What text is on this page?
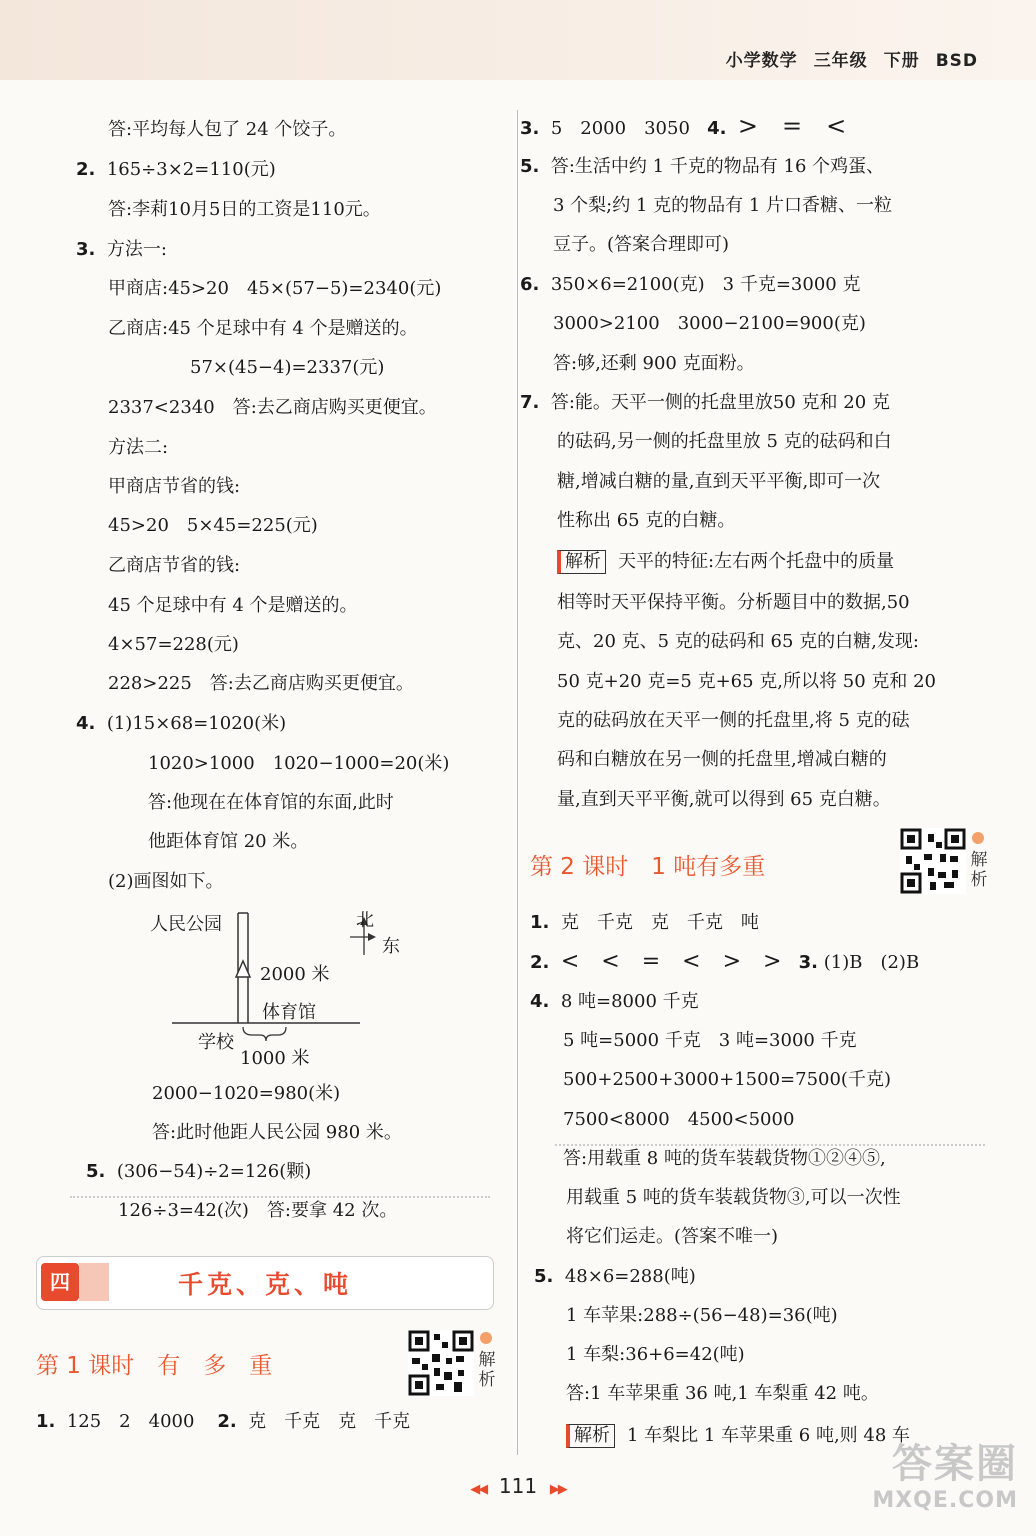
小学数学 三年级 下册 BSD
答:平均每人包了 24 个饺子。
2. 165÷3×2=110(元)
答:李莉10月5日的工资是110元。
3. 方法一:
甲商店:45>20　45×(57−5)=2340(元)
乙商店:45 个足球中有 4 个是赠送的。
57×(45−4)=2337(元)
2337<2340　答:去乙商店购买更便宜。
方法二:
甲商店节省的钱:
45>20　5×45=225(元)
乙商店节省的钱:
45 个足球中有 4 个是赠送的。
4×57=228(元)
228>225　答:去乙商店购买更便宜。
4. (1)15×68=1020(米)
1020>1000　1020−1000=20(米)
答:他现在在体育馆的东面,此时
他距体育馆 20 米。
(2)画图如下。
人民公园	北
东
2000 米
体育馆
学校
1000 米
2000−1020=980(米)
答:此时他距人民公园 980 米。
5. (306−54)÷2=126(颗)
126÷3=42(次)　答:要拿 42 次。
四	千克、克、吨
第 1 课时　有　多　重	解析
1. 125　2　4000 2. 克　千克　克　千克
3. 5　2000　3050 4. >　=　<
5. 答:生活中约 1 千克的物品有 16 个鸡蛋、
3 个梨;约 1 克的物品有 1 片口香糖、一粒
豆子。(答案合理即可)
6. 350×6=2100(克)　3 千克=3000 克
3000>2100　3000−2100=900(克)
答:够,还剩 900 克面粉。
7. 答:能。天平一侧的托盘里放50 克和 20 克
的砝码,另一侧的托盘里放 5 克的砝码和白
糖,增减白糖的量,直到天平平衡,即可一次
性称出 65 克的白糖。
解析 天平的特征:左右两个托盘中的质量
相等时天平保持平衡。分析题目中的数据,50
克、20 克、5 克的砝码和 65 克的白糖,发现:
50 克+20 克=5 克+65 克,所以将 50 克和 20
克的砝码放在天平一侧的托盘里,将 5 克的砝
码和白糖放在另一侧的托盘里,增减白糖的
量,直到天平平衡,就可以得到 65 克白糖。
第 2 课时　1 吨有多重	解析
1. 克　千克　克　千克　吨
2. <　<　=　<　>　> 3. (1)B　(2)B
4. 8 吨=8000 千克
5 吨=5000 千克　3 吨=3000 千克
500+2500+3000+1500=7500(千克)
7500<8000　4500<5000
答:用载重 8 吨的货车装载货物①②④⑤,
用载重 5 吨的货车装载货物③,可以一次性
将它们运走。(答案不唯一)
5. 48×6=288(吨)
1 车苹果:288÷(56−48)=36(吨)
1 车梨:36+6=42(吨)
答:1 车苹果重 36 吨,1 车梨重 42 吨。
解析 1 车梨比 1 车苹果重 6 吨,则 48 车
◀◀ 111 ▶▶
答案圈
MXQE.COM
